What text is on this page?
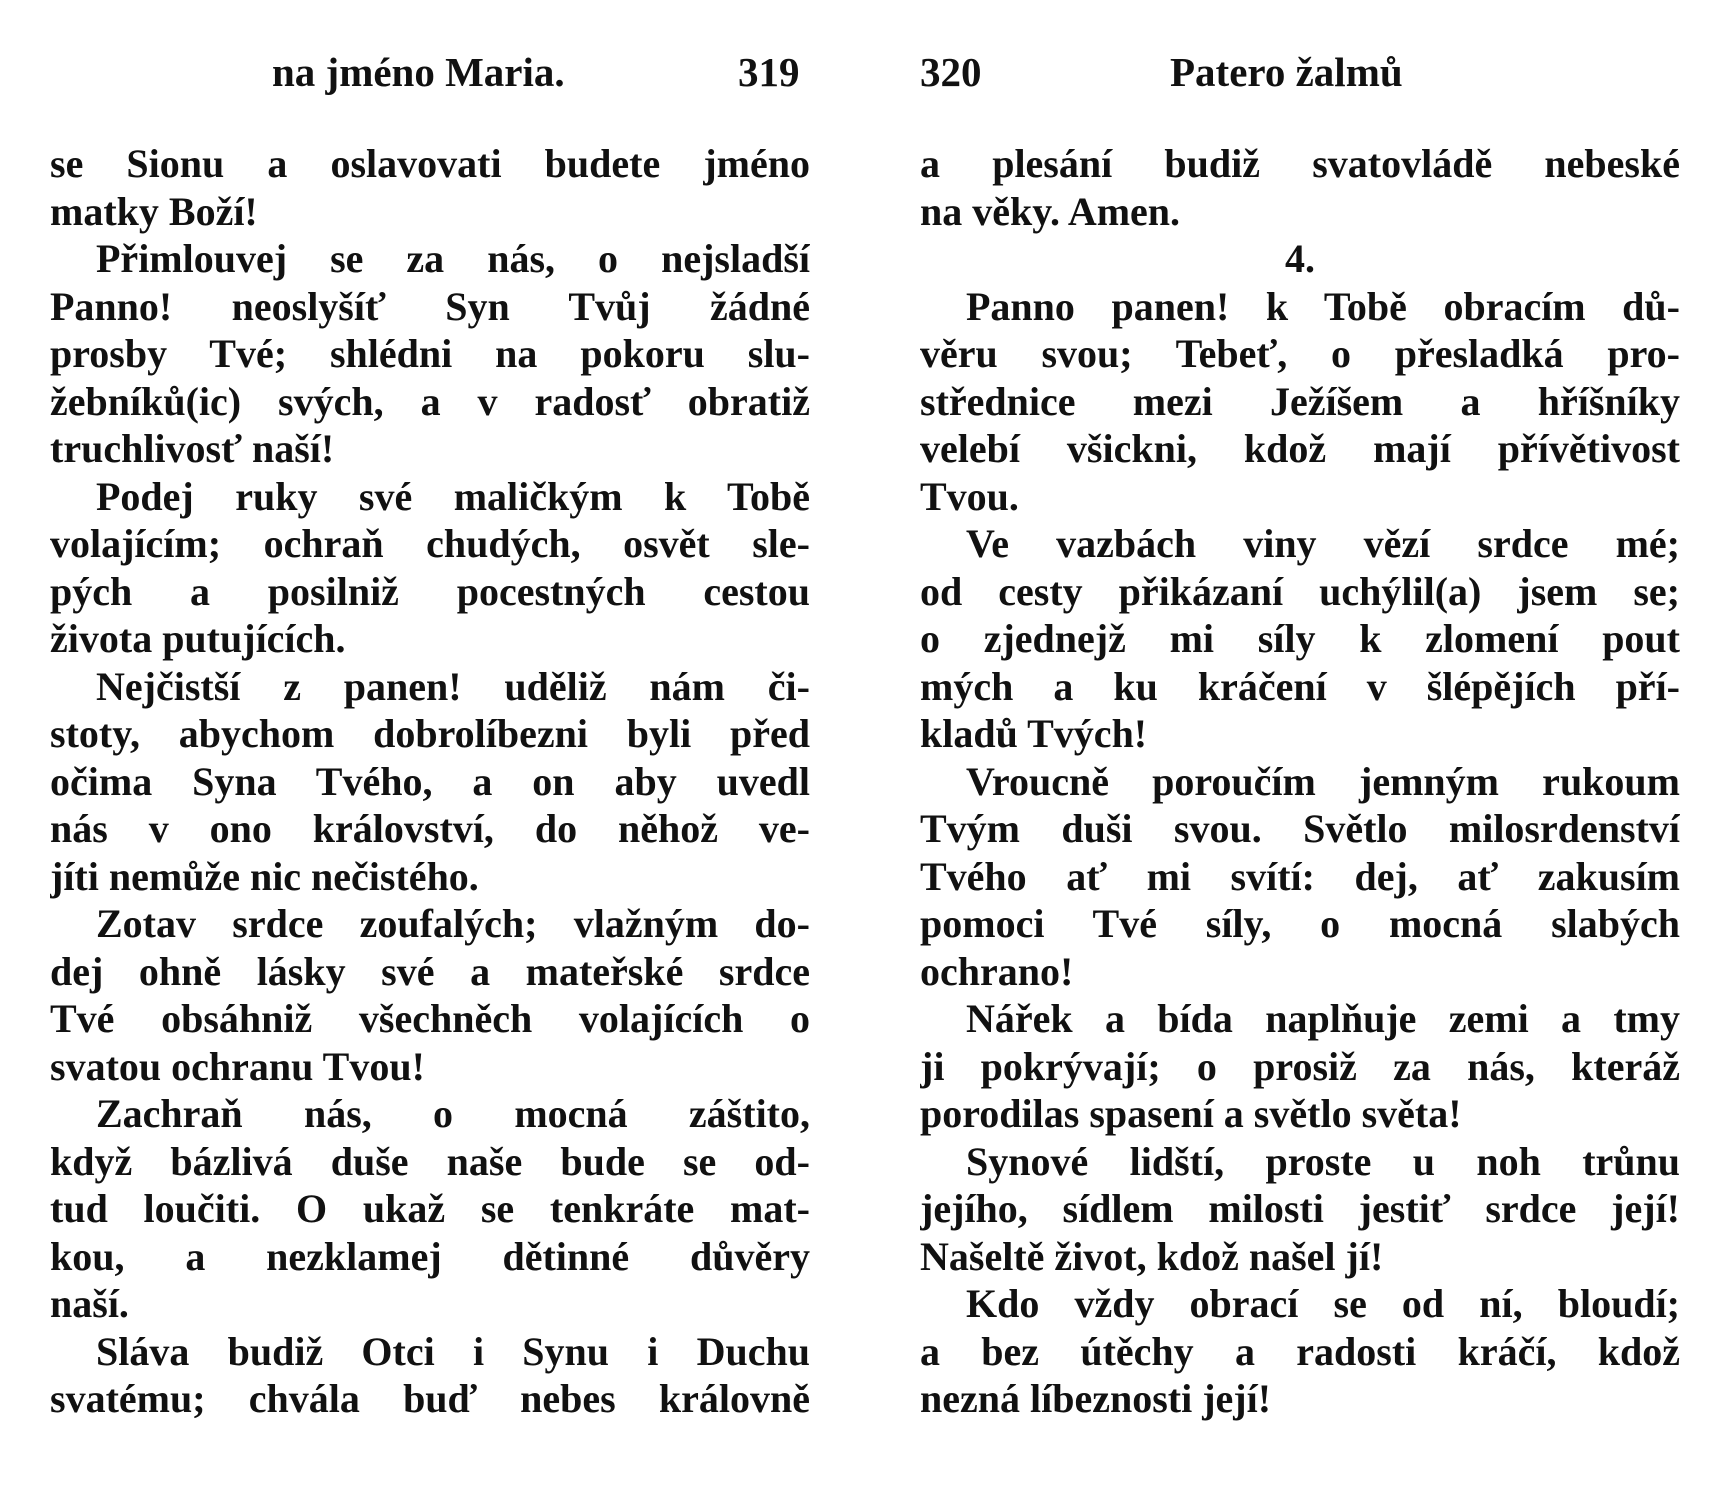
na jméno Maria.	319
se Sionu a oslavovati budete jméno
matky Boží!
Přimlouvej se za nás, o nejsladší
Panno! neoslyšíť Syn Tvůj žádné
prosby Tvé; shlédni na pokoru slu-
žebníků(ic) svých, a v radosť obratiž
truchlivosť naší!
Podej ruky své maličkým k Tobě
volajícím; ochraň chudých, osvět sle-
pých a posilniž pocestných cestou
života putujících.
Nejčistší z panen! uděliž nám či-
stoty, abychom dobrolíbezni byli před
očima Syna Tvého, a on aby uvedl
nás v ono království, do něhož ve-
jíti nemůže nic nečistého.
Zotav srdce zoufalých; vlažným do-
dej ohně lásky své a mateřské srdce
Tvé obsáhniž všechněch volajících o
svatou ochranu Tvou!
Zachraň nás, o mocná záštito,
když bázlivá duše naše bude se od-
tud loučiti. O ukaž se tenkráte mat-
kou, a nezklamej dětinné důvěry
naší.
Sláva budiž Otci i Synu i Duchu
svatému; chvála buď nebes královně
320	Patero žalmů
a plesání budiž svatovládě nebeské
na věky. Amen.
4.
Panno panen! k Tobě obracím dů-
věru svou; Tebeť, o přesladká pro-
střednice mezi Ježíšem a hříšníky
velebí všickni, kdož mají přívětivost
Tvou.
Ve vazbách viny vězí srdce mé;
od cesty přikázaní uchýlil(a) jsem se;
o zjednejž mi síly k zlomení pout
mých a ku kráčení v šlépějích pří-
kladů Tvých!
Vroucně poroučím jemným rukoum
Tvým duši svou. Světlo milosrdenství
Tvého ať mi svítí: dej, ať zakusím
pomoci Tvé síly, o mocná slabých
ochrano!
Nářek a bída naplňuje zemi a tmy
ji pokrývají; o prosiž za nás, kteráž
porodilas spasení a světlo světa!
Synové lidští, proste u noh trůnu
jejího, sídlem milosti jestiť srdce její!
Našeltě život, kdož našel jí!
Kdo vždy obrací se od ní, bloudí;
a bez útěchy a radosti kráčí, kdož
nezná líbeznosti její!
